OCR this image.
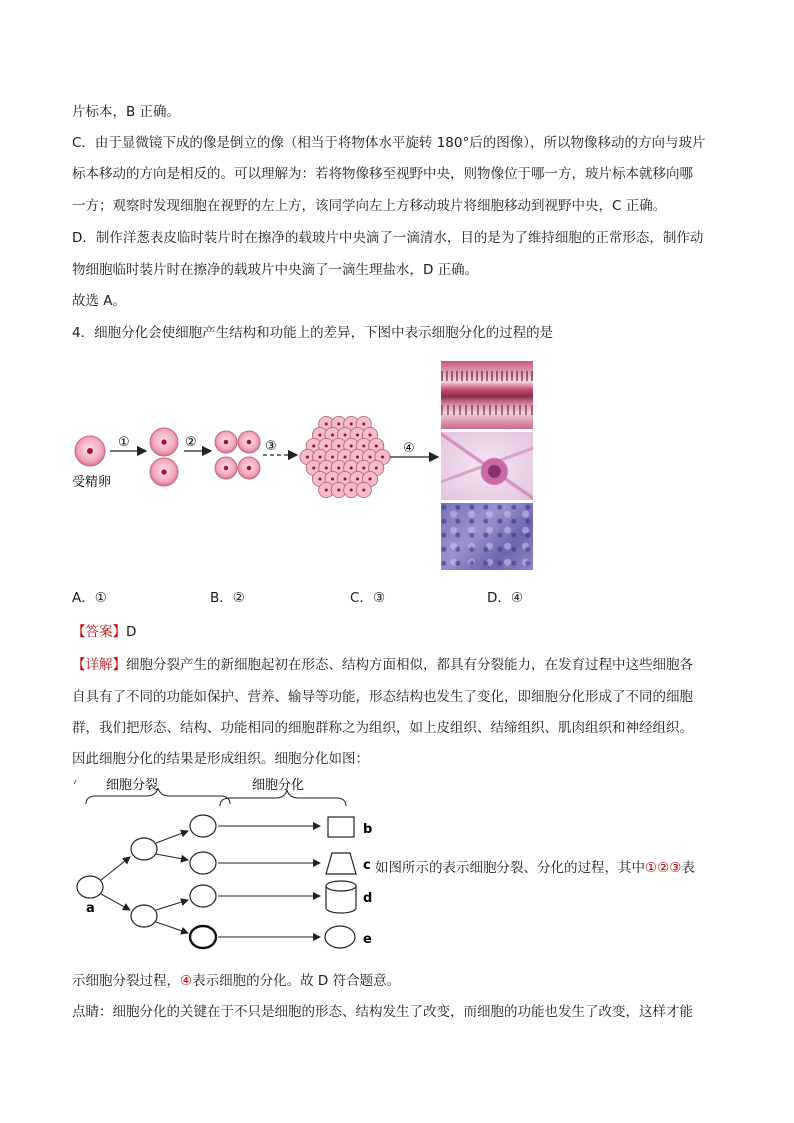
片标本，B 正确。
C．由于显微镜下成的像是倒立的像（相当于将物体水平旋转 180°后的图像），所以物像移动的方向与玻片
标本移动的方向是相反的。可以理解为：若将物像移至视野中央，则物像位于哪一方，玻片标本就移向哪
一方；观察时发现细胞在视野的左上方，该同学向左上方移动玻片将细胞移动到视野中央，C 正确。
D．制作洋葱表皮临时装片时在擦净的载玻片中央滴了一滴清水，目的是为了维持细胞的正常形态，制作动
物细胞临时装片时在擦净的载玻片中央滴了一滴生理盐水，D 正确。
故选 A。
4．细胞分化会使细胞产生结构和功能上的差异，下图中表示细胞分化的过程的是
①	②	③	④
受精卵
A．①	B．②	C．③	D．④
【答案】D
【详解】细胞分裂产生的新细胞起初在形态、结构方面相似，都具有分裂能力，在发育过程中这些细胞各
自具有了不同的功能如保护、营养、输导等功能，形态结构也发生了变化，即细胞分化形成了不同的细胞
群，我们把形态、结构、功能相同的细胞群称之为组织，如上皮组织、结缔组织、肌肉组织和神经组织。
因此细胞分化的结果是形成组织。细胞分化如图：
细胞分裂	细胞分化
a
b
c
d
e
如图所示的表示细胞分裂、分化的过程，其中①②③表
示细胞分裂过程，④表示细胞的分化。故 D 符合题意。
点睛：细胞分化的关键在于不只是细胞的形态、结构发生了改变，而细胞的功能也发生了改变，这样才能
